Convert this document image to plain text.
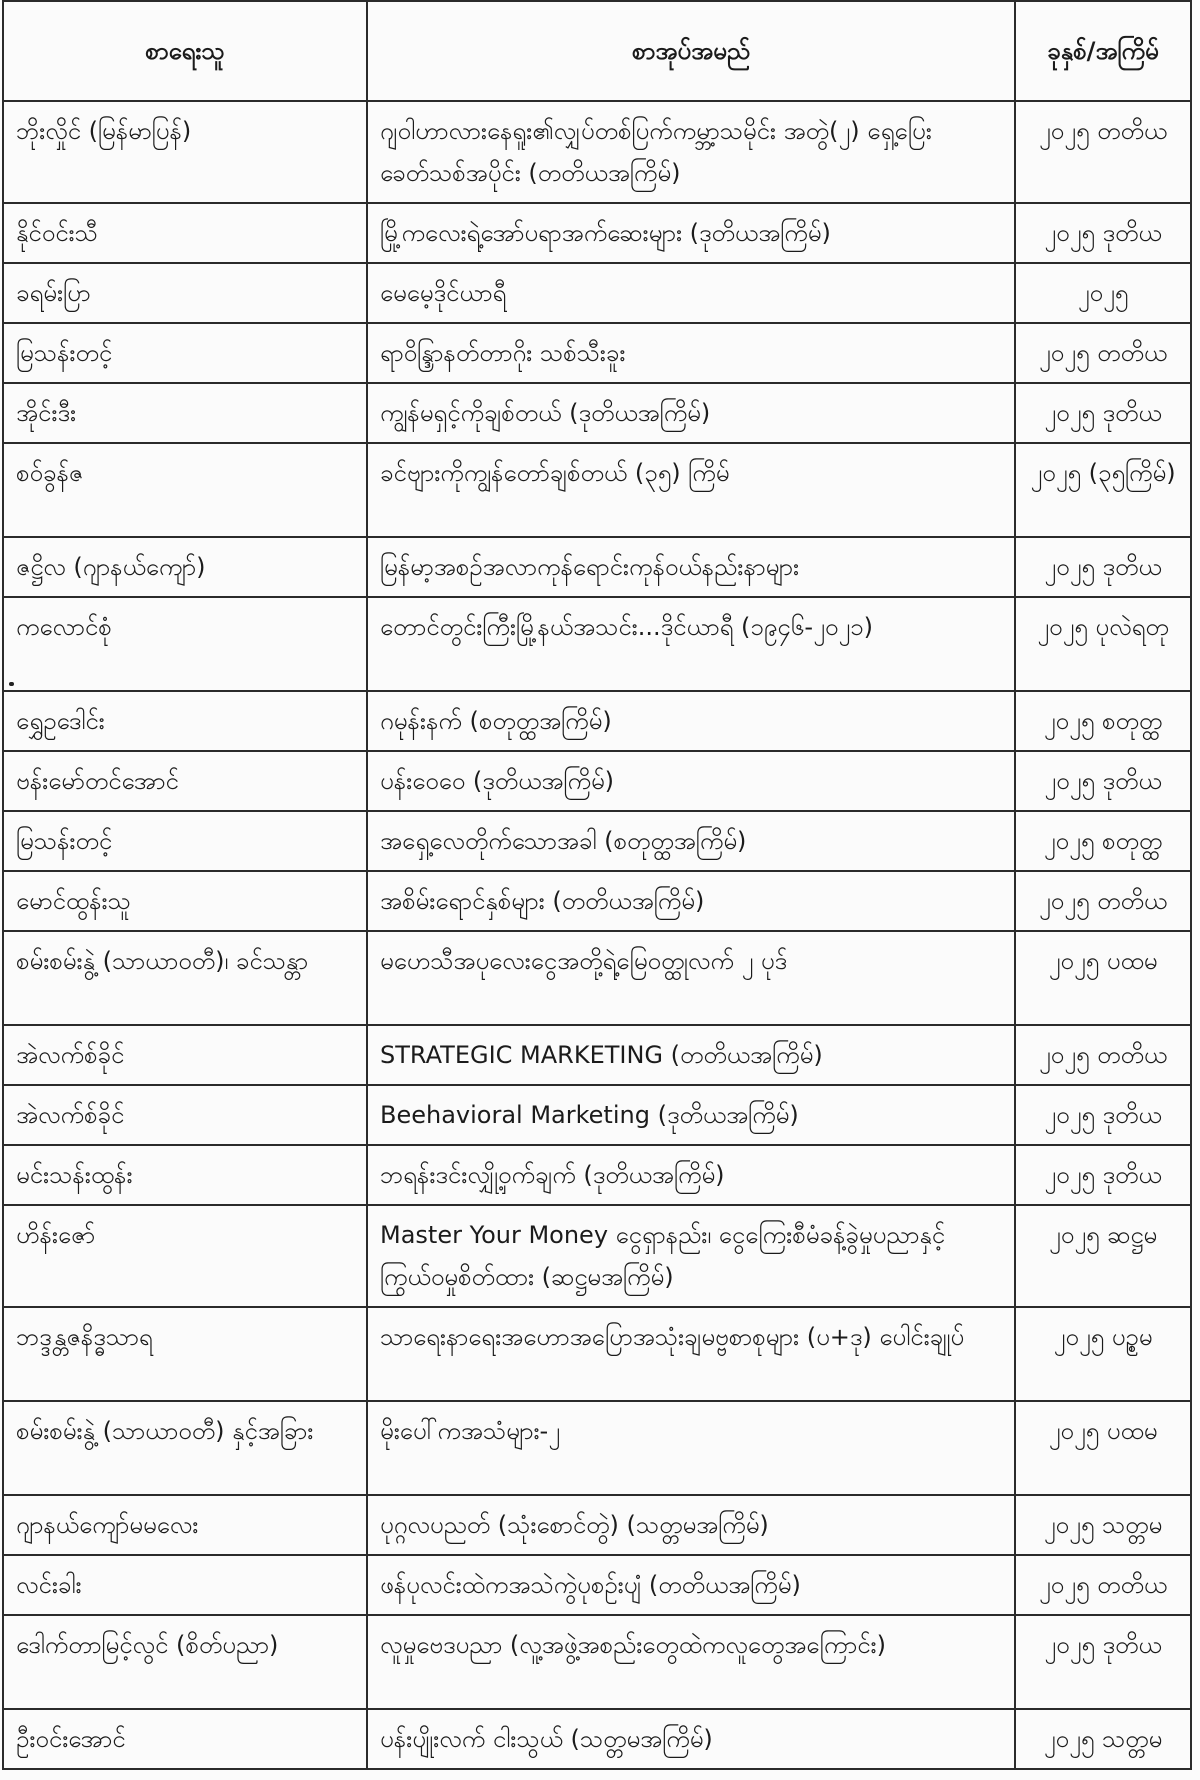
စာရေးသူ	စာအုပ်အမည်	ခုနှစ်/အကြိမ်
ဘိုးလှိုင် (မြန်မာပြန်)	ဂျဝါဟာလားနေရူး၏လျှပ်တစ်ပြက်ကမ္ဘာ့သမိုင်း အတွဲ(၂) ရှေ့ပြေးခေတ်သစ်အပိုင်း (တတိယအကြိမ်)	၂၀၂၅ တတိယ
နိုင်ဝင်းသီ	မြို့ကလေးရဲ့အော်ပရာအက်ဆေးများ (ဒုတိယအကြိမ်)	၂၀၂၅ ဒုတိယ
ခရမ်းပြာ	မေမေ့ဒိုင်ယာရီ	၂၀၂၅
မြသန်းတင့်	ရာဝိန္ဒြာနတ်တာဂိုး သစ်သီးခူး	၂၀၂၅ တတိယ
အိုင်းဒီး	ကျွန်မရှင့်ကိုချစ်တယ် (ဒုတိယအကြိမ်)	၂၀၂၅ ဒုတိယ
စဝ်ခွန်ဇ	ခင်ဗျားကိုကျွန်တော်ချစ်တယ် (၃၅) ကြိမ်	၂၀၂၅ (၃၅ကြိမ်)
ဇဋ္ဌိလ (ဂျာနယ်ကျော်)	မြန်မာ့အစဉ်အလာကုန်ရောင်းကုန်ဝယ်နည်းနာများ	၂၀၂၅ ဒုတိယ
ကလောင်စုံ	တောင်တွင်းကြီးမြို့နယ်အသင်း...ဒိုင်ယာရီ (၁၉၄၆-၂၀၂၁)	၂၀၂၅ ပုလဲရတု
ရွှေဥဒေါင်း	ဂမုန်းနက် (စတုတ္ထအကြိမ်)	၂၀၂၅ စတုတ္ထ
ဗန်းမော်တင်အောင်	ပန်းဝေဝေ (ဒုတိယအကြိမ်)	၂၀၂၅ ဒုတိယ
မြသန်းတင့်	အရှေ့လေတိုက်သောအခါ (စတုတ္ထအကြိမ်)	၂၀၂၅ စတုတ္ထ
မောင်ထွန်းသူ	အစိမ်းရောင်နှစ်များ (တတိယအကြိမ်)	၂၀၂၅ တတိယ
စမ်းစမ်းနွဲ့ (သာယာဝတီ)၊ ခင်သန္တာ	မဟေသီအပုလေးငွေအတို့ရဲ့မြေဝတ္ထုလက် ၂ ပုဒ်	၂၀၂၅ ပထမ
အဲလက်စ်ခိုင်	STRATEGIC MARKETING (တတိယအကြိမ်)	၂၀၂၅ တတိယ
အဲလက်စ်ခိုင်	Beehavioral Marketing (ဒုတိယအကြိမ်)	၂၀၂၅ ဒုတိယ
မင်းသန်းထွန်း	ဘရန်းဒင်းလျှို့ဝှက်ချက် (ဒုတိယအကြိမ်)	၂၀၂၅ ဒုတိယ
ဟိန်းဇော်	Master Your Money ငွေရှာနည်း၊ ငွေကြေးစီမံခန့်ခွဲမှုပညာနှင့် ကြွယ်ဝမှုစိတ်ထား (ဆဋ္ဌမအကြိမ်)	၂၀၂၅ ဆဋ္ဌမ
ဘဒ္ဒန္တဇနိဒ္ဓသာရ	သာရေးနာရေးအဟောအပြောအသုံးချမဗ္ဗစာစုများ (ပ+ဒု) ပေါင်းချုပ်	၂၀၂၅ ပဥ္စမ
စမ်းစမ်းနွဲ့ (သာယာဝတီ) နှင့်အခြား	မိုးပေါ်ကအသံများ-၂	၂၀၂၅ ပထမ
ဂျာနယ်ကျော်မမလေး	ပုဂ္ဂလပညတ် (သုံးစောင်တွဲ) (သတ္တမအကြိမ်)	၂၀၂၅ သတ္တမ
လင်းခါး	ဖန်ပုလင်းထဲကအသဲကွဲပုစဉ်းပျံ (တတိယအကြိမ်)	၂၀၂၅ တတိယ
ဒေါက်တာမြင့်လွင် (စိတ်ပညာ)	လူမှုဗေဒပညာ (လူ့အဖွဲ့အစည်းတွေထဲကလူတွေအကြောင်း)	၂၀၂၅ ဒုတိယ
ဦးဝင်းအောင်	ပန်းပျိုးလက် ငါးသွယ် (သတ္တမအကြိမ်)	၂၀၂၅ သတ္တမ
